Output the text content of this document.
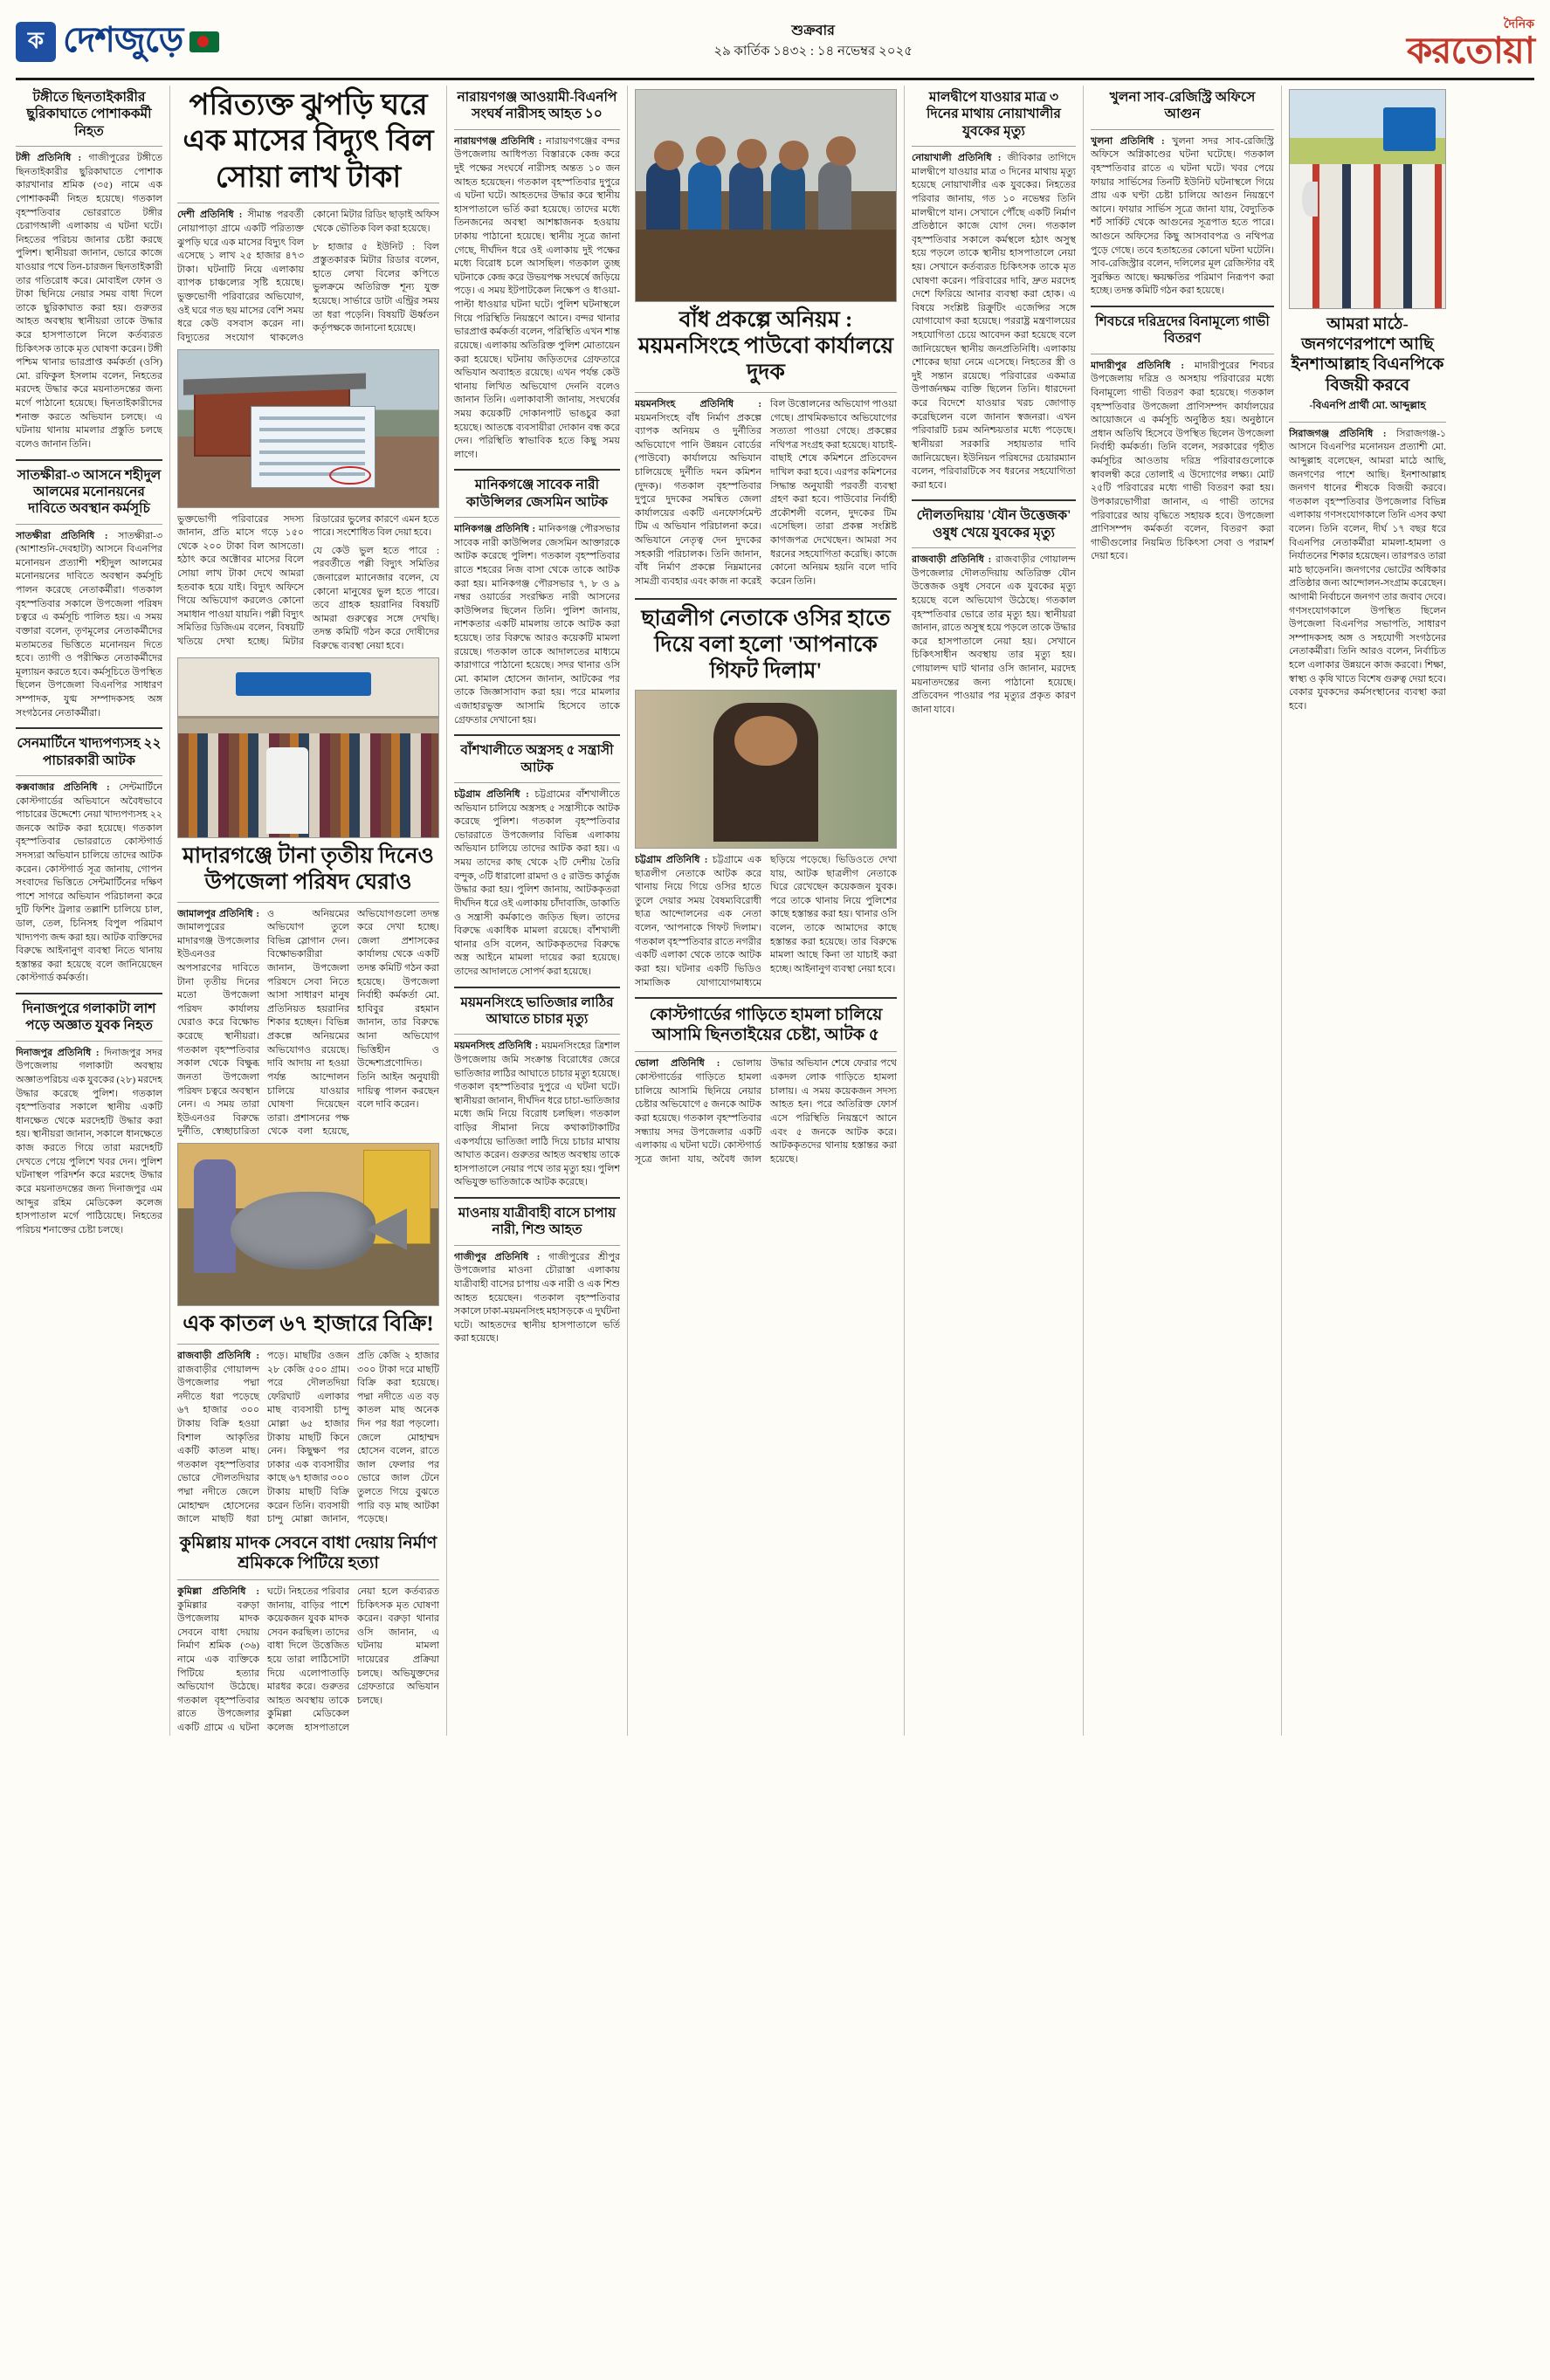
ক দেশজুড়ে	শুক্রবার
২৯ কার্তিক ১৪৩২ : ১৪ নভেম্বর ২০২৫
দৈনিক
করতোয়া
টঙ্গীতে ছিনতাইকারীর ছুরিকাঘাতে পোশাককর্মী নিহত

টঙ্গী প্রতিনিধি : গাজীপুরের টঙ্গীতে ছিনতাইকারীর ছুরিকাঘাতে পোশাক কারখানার শ্রমিক (৩৫) নামে এক পোশাককর্মী নিহত হয়েছে। গতকাল বৃহস্পতিবার ভোররাতে টঙ্গীর চেরাগআলী এলাকায় এ ঘটনা ঘটে। নিহতের পরিচয় জানার চেষ্টা করছে পুলিশ। স্থানীয়রা জানান, ভোরে কাজে যাওয়ার পথে তিন-চারজন ছিনতাইকারী তার গতিরোধ করে। মোবাইল ফোন ও টাকা ছিনিয়ে নেয়ার সময় বাধা দিলে তাকে ছুরিকাঘাত করা হয়। গুরুতর আহত অবস্থায় স্থানীয়রা তাকে উদ্ধার করে হাসপাতালে নিলে কর্তব্যরত চিকিৎসক তাকে মৃত ঘোষণা করেন। টঙ্গী পশ্চিম থানার ভারপ্রাপ্ত কর্মকর্তা (ওসি) মো. রফিকুল ইসলাম বলেন, নিহতের মরদেহ উদ্ধার করে ময়নাতদন্তের জন্য মর্গে পাঠানো হয়েছে। ছিনতাইকারীদের শনাক্ত করতে অভিযান চলছে। এ ঘটনায় থানায় মামলার প্রস্তুতি চলছে বলেও জানান তিনি।

সাতক্ষীরা-৩ আসনে শহীদুল আলমের মনোনয়নের দাবিতে অবস্থান কর্মসূচি

সাতক্ষীরা প্রতিনিধি : সাতক্ষীরা-৩ (আশাশুনি-দেবহাটা) আসনে বিএনপির মনোনয়ন প্রত্যাশী শহীদুল আলমের মনোনয়নের দাবিতে অবস্থান কর্মসূচি পালন করেছে নেতাকর্মীরা। গতকাল বৃহস্পতিবার সকালে উপজেলা পরিষদ চত্বরে এ কর্মসূচি পালিত হয়। এ সময় বক্তারা বলেন, তৃণমূলের নেতাকর্মীদের মতামতের ভিত্তিতে মনোনয়ন দিতে হবে। ত্যাগী ও পরীক্ষিত নেতাকর্মীদের মূল্যায়ন করতে হবে। কর্মসূচিতে উপস্থিত ছিলেন উপজেলা বিএনপির সাধারণ সম্পাদক, যুগ্ম সম্পাদকসহ অঙ্গ সংগঠনের নেতাকর্মীরা।

সেনমার্টিনে খাদ্যপণ্যসহ ২২ পাচারকারী আটক

কক্সবাজার প্রতিনিধি : সেন্টমার্টিনে কোস্টগার্ডের অভিযানে অবৈধভাবে পাচারের উদ্দেশ্যে নেয়া খাদ্যপণ্যসহ ২২ জনকে আটক করা হয়েছে। গতকাল বৃহস্পতিবার ভোররাতে কোস্টগার্ড সদস্যরা অভিযান চালিয়ে তাদের আটক করেন। কোস্টগার্ড সূত্র জানায়, গোপন সংবাদের ভিত্তিতে সেন্টমার্টিনের দক্ষিণ পাশে সাগরে অভিযান পরিচালনা করে দুটি ফিশিং ট্রলার তল্লাশি চালিয়ে চাল, ডাল, তেল, চিনিসহ বিপুল পরিমাণ খাদ্যপণ্য জব্দ করা হয়। আটক ব্যক্তিদের বিরুদ্ধে আইনানুগ ব্যবস্থা নিতে থানায় হস্তান্তর করা হয়েছে বলে জানিয়েছেন কোস্টগার্ড কর্মকর্তা।

দিনাজপুরে গলাকাটা লাশ পড়ে অজ্ঞাত যুবক নিহত

দিনাজপুর প্রতিনিধি : দিনাজপুর সদর উপজেলায় গলাকাটা অবস্থায় অজ্ঞাতপরিচয় এক যুবকের (২৮) মরদেহ উদ্ধার করেছে পুলিশ। গতকাল বৃহস্পতিবার সকালে স্থানীয় একটি ধানক্ষেত থেকে মরদেহটি উদ্ধার করা হয়। স্থানীয়রা জানান, সকালে ধানক্ষেতে কাজ করতে গিয়ে তারা মরদেহটি দেখতে পেয়ে পুলিশে খবর দেন। পুলিশ ঘটনাস্থল পরিদর্শন করে মরদেহ উদ্ধার করে ময়নাতদন্তের জন্য দিনাজপুর এম আব্দুর রহিম মেডিকেল কলেজ হাসপাতাল মর্গে পাঠিয়েছে। নিহতের পরিচয় শনাক্তের চেষ্টা চলছে।

পরিত্যক্ত ঝুপড়ি ঘরে এক মাসের বিদ্যুৎ বিল সোয়া লাখ টাকা

দেশী প্রতিনিধি : সীমান্ত পরবর্তী নোয়াপাড়া গ্রামে একটি পরিত্যক্ত ঝুপড়ি ঘরে এক মাসের বিদ্যুৎ বিল এসেছে ১ লাখ ২৫ হাজার ৪৭৩ টাকা। ঘটনাটি নিয়ে এলাকায় ব্যাপক চাঞ্চল্যের সৃষ্টি হয়েছে। ভুক্তভোগী পরিবারের অভিযোগ, ওই ঘরে গত ছয় মাসের বেশি সময় ধরে কেউ বসবাস করেন না। বিদ্যুতের সংযোগ থাকলেও কোনো মিটার রিডিং ছাড়াই অফিস থেকে ভৌতিক বিল করা হয়েছে।

৮ হাজার ৫ ইউনিট : বিল প্রস্তুতকারক মিটার রিডার বলেন, হাতে লেখা বিলের কপিতে ভুলক্রমে অতিরিক্ত শূন্য যুক্ত হয়েছে। সার্ভারে ডাটা এন্ট্রির সময় তা ধরা পড়েনি। বিষয়টি ঊর্ধ্বতন কর্তৃপক্ষকে জানানো হয়েছে।

ভুক্তভোগী পরিবারের সদস্য জানান, প্রতি মাসে গড়ে ১৫০ থেকে ২০০ টাকা বিল আসতো। হঠাৎ করে অক্টোবর মাসের বিলে সোয়া লাখ টাকা দেখে আমরা হতবাক হয়ে যাই। বিদ্যুৎ অফিসে গিয়ে অভিযোগ করলেও কোনো সমাধান পাওয়া যায়নি। পল্লী বিদ্যুৎ সমিতির ডিজিএম বলেন, বিষয়টি খতিয়ে দেখা হচ্ছে। মিটার রিডারের ভুলের কারণে এমন হতে পারে। সংশোধিত বিল দেয়া হবে।

যে কেউ ভুল হতে পারে : পরবর্তীতে পল্লী বিদ্যুৎ সমিতির জেনারেল ম্যানেজার বলেন, যে কোনো মানুষের ভুল হতে পারে। তবে গ্রাহক হয়রানির বিষয়টি আমরা গুরুত্বের সঙ্গে দেখছি। তদন্ত কমিটি গঠন করে দোষীদের বিরুদ্ধে ব্যবস্থা নেয়া হবে।

মাদারগঞ্জে টানা তৃতীয় দিনেও উপজেলা পরিষদ ঘেরাও

জামালপুর প্রতিনিধি : জামালপুরের মাদারগঞ্জ উপজেলার ইউএনওর অপসারণের দাবিতে টানা তৃতীয় দিনের মতো উপজেলা পরিষদ কার্যালয় ঘেরাও করে বিক্ষোভ করেছে স্থানীয়রা। গতকাল বৃহস্পতিবার সকাল থেকে বিক্ষুব্ধ জনতা উপজেলা পরিষদ চত্বরে অবস্থান নেন। এ সময় তারা ইউএনওর বিরুদ্ধে দুর্নীতি, স্বেচ্ছাচারিতা ও অনিয়মের অভিযোগ তুলে বিভিন্ন স্লোগান দেন। বিক্ষোভকারীরা জানান, উপজেলা পরিষদে সেবা নিতে আসা সাধারণ মানুষ প্রতিনিয়ত হয়রানির শিকার হচ্ছেন। বিভিন্ন প্রকল্পে অনিয়মের অভিযোগও রয়েছে। দাবি আদায় না হওয়া পর্যন্ত আন্দোলন চালিয়ে যাওয়ার ঘোষণা দিয়েছেন তারা। প্রশাসনের পক্ষ থেকে বলা হয়েছে, অভিযোগগুলো তদন্ত করে দেখা হচ্ছে। জেলা প্রশাসকের কার্যালয় থেকে একটি তদন্ত কমিটি গঠন করা হয়েছে। উপজেলা নির্বাহী কর্মকর্তা মো. হাবিবুর রহমান জানান, তার বিরুদ্ধে আনা অভিযোগ ভিত্তিহীন ও উদ্দেশ্যপ্রণোদিত। তিনি আইন অনুযায়ী দায়িত্ব পালন করছেন বলে দাবি করেন।

এক কাতল ৬৭ হাজারে বিক্রি!

রাজবাড়ী প্রতিনিধি : রাজবাড়ীর গোয়ালন্দ উপজেলার পদ্মা নদীতে ধরা পড়েছে ৬৭ হাজার ৩০০ টাকায় বিক্রি হওয়া বিশাল আকৃতির একটি কাতল মাছ। গতকাল বৃহস্পতিবার ভোরে দৌলতদিয়ার পদ্মা নদীতে জেলে মোহাম্মদ হোসেনের জালে মাছটি ধরা পড়ে। মাছটির ওজন ২৮ কেজি ৫০০ গ্রাম। পরে দৌলতদিয়া ফেরিঘাট এলাকার মাছ ব্যবসায়ী চান্দু মোল্লা ৬৫ হাজার টাকায় মাছটি কিনে নেন। কিছুক্ষণ পর ঢাকার এক ব্যবসায়ীর কাছে ৬৭ হাজার ৩০০ টাকায় মাছটি বিক্রি করেন তিনি। ব্যবসায়ী চান্দু মোল্লা জানান, প্রতি কেজি ২ হাজার ৩০০ টাকা দরে মাছটি বিক্রি করা হয়েছে। পদ্মা নদীতে এত বড় কাতল মাছ অনেক দিন পর ধরা পড়লো। জেলে মোহাম্মদ হোসেন বলেন, রাতে জাল ফেলার পর ভোরে জাল টেনে তুলতে গিয়ে বুঝতে পারি বড় মাছ আটকা পড়েছে।

কুমিল্লায় মাদক সেবনে বাধা দেয়ায় নির্মাণ শ্রমিককে পিটিয়ে হত্যা

কুমিল্লা প্রতিনিধি : কুমিল্লার বরুড়া উপজেলায় মাদক সেবনে বাধা দেয়ায় নির্মাণ শ্রমিক (৩৬) নামে এক ব্যক্তিকে পিটিয়ে হত্যার অভিযোগ উঠেছে। গতকাল বৃহস্পতিবার রাতে উপজেলার একটি গ্রামে এ ঘটনা ঘটে। নিহতের পরিবার জানায়, বাড়ির পাশে কয়েকজন যুবক মাদক সেবন করছিল। তাদের বাধা দিলে উত্তেজিত হয়ে তারা লাঠিসোটা দিয়ে এলোপাতাড়ি মারধর করে। গুরুতর আহত অবস্থায় তাকে কুমিল্লা মেডিকেল কলেজ হাসপাতালে নেয়া হলে কর্তব্যরত চিকিৎসক মৃত ঘোষণা করেন। বরুড়া থানার ওসি জানান, এ ঘটনায় মামলা দায়েরের প্রক্রিয়া চলছে। অভিযুক্তদের গ্রেফতারে অভিযান চলছে।

নারায়ণগঞ্জ আওয়ামী-বিএনপি সংঘর্ষ নারীসহ আহত ১০

নারায়ণগঞ্জ প্রতিনিধি : নারায়ণগঞ্জের বন্দর উপজেলায় আধিপত্য বিস্তারকে কেন্দ্র করে দুই পক্ষের সংঘর্ষে নারীসহ অন্তত ১০ জন আহত হয়েছেন। গতকাল বৃহস্পতিবার দুপুরে এ ঘটনা ঘটে। আহতদের উদ্ধার করে স্থানীয় হাসপাতালে ভর্তি করা হয়েছে। তাদের মধ্যে তিনজনের অবস্থা আশঙ্কাজনক হওয়ায় ঢাকায় পাঠানো হয়েছে। স্থানীয় সূত্রে জানা গেছে, দীর্ঘদিন ধরে ওই এলাকায় দুই পক্ষের মধ্যে বিরোধ চলে আসছিল। গতকাল তুচ্ছ ঘটনাকে কেন্দ্র করে উভয়পক্ষ সংঘর্ষে জড়িয়ে পড়ে। এ সময় ইটপাটকেল নিক্ষেপ ও ধাওয়া-পাল্টা ধাওয়ার ঘটনা ঘটে। পুলিশ ঘটনাস্থলে গিয়ে পরিস্থিতি নিয়ন্ত্রণে আনে। বন্দর থানার ভারপ্রাপ্ত কর্মকর্তা বলেন, পরিস্থিতি এখন শান্ত রয়েছে। এলাকায় অতিরিক্ত পুলিশ মোতায়েন করা হয়েছে। ঘটনায় জড়িতদের গ্রেফতারে অভিযান অব্যাহত রয়েছে। এখন পর্যন্ত কেউ থানায় লিখিত অভিযোগ দেননি বলেও জানান তিনি। এলাকাবাসী জানায়, সংঘর্ষের সময় কয়েকটি দোকানপাট ভাঙচুর করা হয়েছে। আতঙ্কে ব্যবসায়ীরা দোকান বন্ধ করে দেন। পরিস্থিতি স্বাভাবিক হতে কিছু সময় লাগে।

মানিকগঞ্জে সাবেক নারী কাউন্সিলর জেসমিন আটক

মানিকগঞ্জ প্রতিনিধি : মানিকগঞ্জ পৌরসভার সাবেক নারী কাউন্সিলর জেসমিন আক্তারকে আটক করেছে পুলিশ। গতকাল বৃহস্পতিবার রাতে শহরের নিজ বাসা থেকে তাকে আটক করা হয়। মানিকগঞ্জ পৌরসভার ৭, ৮ ও ৯ নম্বর ওয়ার্ডের সংরক্ষিত নারী আসনের কাউন্সিলর ছিলেন তিনি। পুলিশ জানায়, নাশকতার একটি মামলায় তাকে আটক করা হয়েছে। তার বিরুদ্ধে আরও কয়েকটি মামলা রয়েছে। গতকাল তাকে আদালতের মাধ্যমে কারাগারে পাঠানো হয়েছে। সদর থানার ওসি মো. কামাল হোসেন জানান, আটকের পর তাকে জিজ্ঞাসাবাদ করা হয়। পরে মামলার এজাহারভুক্ত আসামি হিসেবে তাকে গ্রেফতার দেখানো হয়।

বাঁশখালীতে অস্ত্রসহ ৫ সন্ত্রাসী আটক

চট্টগ্রাম প্রতিনিধি : চট্টগ্রামের বাঁশখালীতে অভিযান চালিয়ে অস্ত্রসহ ৫ সন্ত্রাসীকে আটক করেছে পুলিশ। গতকাল বৃহস্পতিবার ভোররাতে উপজেলার বিভিন্ন এলাকায় অভিযান চালিয়ে তাদের আটক করা হয়। এ সময় তাদের কাছ থেকে ২টি দেশীয় তৈরি বন্দুক, ৩টি ধারালো রামদা ও ৫ রাউন্ড কার্তুজ উদ্ধার করা হয়। পুলিশ জানায়, আটককৃতরা দীর্ঘদিন ধরে ওই এলাকায় চাঁদাবাজি, ডাকাতি ও সন্ত্রাসী কর্মকাণ্ডে জড়িত ছিল। তাদের বিরুদ্ধে একাধিক মামলা রয়েছে। বাঁশখালী থানার ওসি বলেন, আটককৃতদের বিরুদ্ধে অস্ত্র আইনে মামলা দায়ের করা হয়েছে। তাদের আদালতে সোপর্দ করা হয়েছে।

ময়মনসিংহে ভাতিজার লাঠির আঘাতে চাচার মৃত্যু

ময়মনসিংহ প্রতিনিধি : ময়মনসিংহের ত্রিশাল উপজেলায় জমি সংক্রান্ত বিরোধের জেরে ভাতিজার লাঠির আঘাতে চাচার মৃত্যু হয়েছে। গতকাল বৃহস্পতিবার দুপুরে এ ঘটনা ঘটে। স্থানীয়রা জানান, দীর্ঘদিন ধরে চাচা-ভাতিজার মধ্যে জমি নিয়ে বিরোধ চলছিল। গতকাল বাড়ির সীমানা নিয়ে কথাকাটাকাটির একপর্যায়ে ভাতিজা লাঠি দিয়ে চাচার মাথায় আঘাত করেন। গুরুতর আহত অবস্থায় তাকে হাসপাতালে নেয়ার পথে তার মৃত্যু হয়। পুলিশ অভিযুক্ত ভাতিজাকে আটক করেছে।

মাওনায় যাত্রীবাহী বাসে চাপায় নারী, শিশু আহত

গাজীপুর প্রতিনিধি : গাজীপুরের শ্রীপুর উপজেলার মাওনা চৌরাস্তা এলাকায় যাত্রীবাহী বাসের চাপায় এক নারী ও এক শিশু আহত হয়েছেন। গতকাল বৃহস্পতিবার সকালে ঢাকা-ময়মনসিংহ মহাসড়কে এ দুর্ঘটনা ঘটে। আহতদের স্থানীয় হাসপাতালে ভর্তি করা হয়েছে।

বাঁধ প্রকল্পে অনিয়ম : ময়মনসিংহে পাউবো কার্যালয়ে দুদক

ময়মনসিংহ প্রতিনিধি : ময়মনসিংহে বাঁধ নির্মাণ প্রকল্পে ব্যাপক অনিয়ম ও দুর্নীতির অভিযোগে পানি উন্নয়ন বোর্ডের (পাউবো) কার্যালয়ে অভিযান চালিয়েছে দুর্নীতি দমন কমিশন (দুদক)। গতকাল বৃহস্পতিবার দুপুরে দুদকের সমন্বিত জেলা কার্যালয়ের একটি এনফোর্সমেন্ট টিম এ অভিযান পরিচালনা করে। অভিযানে নেতৃত্ব দেন দুদকের সহকারী পরিচালক। তিনি জানান, বাঁধ নির্মাণ প্রকল্পে নিম্নমানের সামগ্রী ব্যবহার এবং কাজ না করেই বিল উত্তোলনের অভিযোগ পাওয়া গেছে। প্রাথমিকভাবে অভিযোগের সত্যতা পাওয়া গেছে। প্রকল্পের নথিপত্র সংগ্রহ করা হয়েছে। যাচাই-বাছাই শেষে কমিশনে প্রতিবেদন দাখিল করা হবে। এরপর কমিশনের সিদ্ধান্ত অনুযায়ী পরবর্তী ব্যবস্থা গ্রহণ করা হবে। পাউবোর নির্বাহী প্রকৌশলী বলেন, দুদকের টিম এসেছিল। তারা প্রকল্প সংশ্লিষ্ট কাগজপত্র দেখেছেন। আমরা সব ধরনের সহযোগিতা করেছি। কাজে কোনো অনিয়ম হয়নি বলে দাবি করেন তিনি।

ছাত্রলীগ নেতাকে ওসির হাতে দিয়ে বলা হলো 'আপনাকে গিফট দিলাম'

চট্টগ্রাম প্রতিনিধি : চট্টগ্রামে এক ছাত্রলীগ নেতাকে আটক করে থানায় নিয়ে গিয়ে ওসির হাতে তুলে দেয়ার সময় বৈষম্যবিরোধী ছাত্র আন্দোলনের এক নেতা বলেন, 'আপনাকে গিফট দিলাম'। গতকাল বৃহস্পতিবার রাতে নগরীর একটি এলাকা থেকে তাকে আটক করা হয়। ঘটনার একটি ভিডিও সামাজিক যোগাযোগমাধ্যমে ছড়িয়ে পড়েছে। ভিডিওতে দেখা যায়, আটক ছাত্রলীগ নেতাকে ঘিরে রেখেছেন কয়েকজন যুবক। পরে তাকে থানায় নিয়ে পুলিশের কাছে হস্তান্তর করা হয়। থানার ওসি বলেন, তাকে আমাদের কাছে হস্তান্তর করা হয়েছে। তার বিরুদ্ধে মামলা আছে কিনা তা যাচাই করা হচ্ছে। আইনানুগ ব্যবস্থা নেয়া হবে।

কোস্টগার্ডের গাড়িতে হামলা চালিয়ে আসামি ছিনতাইয়ের চেষ্টা, আটক ৫

ভোলা প্রতিনিধি : ভোলায় কোস্টগার্ডের গাড়িতে হামলা চালিয়ে আসামি ছিনিয়ে নেয়ার চেষ্টার অভিযোগে ৫ জনকে আটক করা হয়েছে। গতকাল বৃহস্পতিবার সন্ধ্যায় সদর উপজেলার একটি এলাকায় এ ঘটনা ঘটে। কোস্টগার্ড সূত্রে জানা যায়, অবৈধ জাল উদ্ধার অভিযান শেষে ফেরার পথে একদল লোক গাড়িতে হামলা চালায়। এ সময় কয়েকজন সদস্য আহত হন। পরে অতিরিক্ত ফোর্স এসে পরিস্থিতি নিয়ন্ত্রণে আনে এবং ৫ জনকে আটক করে। আটককৃতদের থানায় হস্তান্তর করা হয়েছে।

মালদ্বীপে যাওয়ার মাত্র ৩ দিনের মাথায় নোয়াখালীর যুবকের মৃত্যু

নোয়াখালী প্রতিনিধি : জীবিকার তাগিদে মালদ্বীপে যাওয়ার মাত্র ৩ দিনের মাথায় মৃত্যু হয়েছে নোয়াখালীর এক যুবকের। নিহতের পরিবার জানায়, গত ১০ নভেম্বর তিনি মালদ্বীপে যান। সেখানে পৌঁছে একটি নির্মাণ প্রতিষ্ঠানে কাজে যোগ দেন। গতকাল বৃহস্পতিবার সকালে কর্মস্থলে হঠাৎ অসুস্থ হয়ে পড়লে তাকে স্থানীয় হাসপাতালে নেয়া হয়। সেখানে কর্তব্যরত চিকিৎসক তাকে মৃত ঘোষণা করেন। পরিবারের দাবি, দ্রুত মরদেহ দেশে ফিরিয়ে আনার ব্যবস্থা করা হোক। এ বিষয়ে সংশ্লিষ্ট রিক্রুটিং এজেন্সির সঙ্গে যোগাযোগ করা হয়েছে। পররাষ্ট্র মন্ত্রণালয়ের সহযোগিতা চেয়ে আবেদন করা হয়েছে বলে জানিয়েছেন স্থানীয় জনপ্রতিনিধি। এলাকায় শোকের ছায়া নেমে এসেছে। নিহতের স্ত্রী ও দুই সন্তান রয়েছে। পরিবারের একমাত্র উপার্জনক্ষম ব্যক্তি ছিলেন তিনি। ধারদেনা করে বিদেশে যাওয়ার খরচ জোগাড় করেছিলেন বলে জানান স্বজনরা। এখন পরিবারটি চরম অনিশ্চয়তার মধ্যে পড়েছে। স্থানীয়রা সরকারি সহায়তার দাবি জানিয়েছেন। ইউনিয়ন পরিষদের চেয়ারম্যান বলেন, পরিবারটিকে সব ধরনের সহযোগিতা করা হবে।

দৌলতদিয়ায় 'যৌন উত্তেজক' ওষুধ খেয়ে যুবকের মৃত্যু

রাজবাড়ী প্রতিনিধি : রাজবাড়ীর গোয়ালন্দ উপজেলার দৌলতদিয়ায় অতিরিক্ত যৌন উত্তেজক ওষুধ সেবনে এক যুবকের মৃত্যু হয়েছে বলে অভিযোগ উঠেছে। গতকাল বৃহস্পতিবার ভোরে তার মৃত্যু হয়। স্থানীয়রা জানান, রাতে অসুস্থ হয়ে পড়লে তাকে উদ্ধার করে হাসপাতালে নেয়া হয়। সেখানে চিকিৎসাধীন অবস্থায় তার মৃত্যু হয়। গোয়ালন্দ ঘাট থানার ওসি জানান, মরদেহ ময়নাতদন্তের জন্য পাঠানো হয়েছে। প্রতিবেদন পাওয়ার পর মৃত্যুর প্রকৃত কারণ জানা যাবে।

খুলনা সাব-রেজিস্ট্রি অফিসে আগুন

খুলনা প্রতিনিধি : খুলনা সদর সাব-রেজিস্ট্রি অফিসে অগ্নিকাণ্ডের ঘটনা ঘটেছে। গতকাল বৃহস্পতিবার রাতে এ ঘটনা ঘটে। খবর পেয়ে ফায়ার সার্ভিসের তিনটি ইউনিট ঘটনাস্থলে গিয়ে প্রায় এক ঘণ্টা চেষ্টা চালিয়ে আগুন নিয়ন্ত্রণে আনে। ফায়ার সার্ভিস সূত্রে জানা যায়, বৈদ্যুতিক শর্ট সার্কিট থেকে আগুনের সূত্রপাত হতে পারে। আগুনে অফিসের কিছু আসবাবপত্র ও নথিপত্র পুড়ে গেছে। তবে হতাহতের কোনো ঘটনা ঘটেনি। সাব-রেজিস্ট্রার বলেন, দলিলের মূল রেজিস্টার বই সুরক্ষিত আছে। ক্ষয়ক্ষতির পরিমাণ নিরূপণ করা হচ্ছে। তদন্ত কমিটি গঠন করা হয়েছে।

শিবচরে দরিদ্রদের বিনামূল্যে গাভী বিতরণ

মাদারীপুর প্রতিনিধি : মাদারীপুরের শিবচর উপজেলায় দরিদ্র ও অসহায় পরিবারের মধ্যে বিনামূল্যে গাভী বিতরণ করা হয়েছে। গতকাল বৃহস্পতিবার উপজেলা প্রাণিসম্পদ কার্যালয়ের আয়োজনে এ কর্মসূচি অনুষ্ঠিত হয়। অনুষ্ঠানে প্রধান অতিথি হিসেবে উপস্থিত ছিলেন উপজেলা নির্বাহী কর্মকর্তা। তিনি বলেন, সরকারের গৃহীত কর্মসূচির আওতায় দরিদ্র পরিবারগুলোকে স্বাবলম্বী করে তোলাই এ উদ্যোগের লক্ষ্য। মোট ২৫টি পরিবারের মধ্যে গাভী বিতরণ করা হয়। উপকারভোগীরা জানান, এ গাভী তাদের পরিবারের আয় বৃদ্ধিতে সহায়ক হবে। উপজেলা প্রাণিসম্পদ কর্মকর্তা বলেন, বিতরণ করা গাভীগুলোর নিয়মিত চিকিৎসা সেবা ও পরামর্শ দেয়া হবে।

আমরা মাঠে-জনগণেরপাশে আছি ইনশাআল্লাহ বিএনপিকে বিজয়ী করবে
-বিএনপি প্রার্থী মো. আব্দুল্লাহ

সিরাজগঞ্জ প্রতিনিধি : সিরাজগঞ্জ-১ আসনে বিএনপির মনোনয়ন প্রত্যাশী মো. আব্দুল্লাহ বলেছেন, আমরা মাঠে আছি, জনগণের পাশে আছি। ইনশাআল্লাহ জনগণ ধানের শীষকে বিজয়ী করবে। গতকাল বৃহস্পতিবার উপজেলার বিভিন্ন এলাকায় গণসংযোগকালে তিনি এসব কথা বলেন। তিনি বলেন, দীর্ঘ ১৭ বছর ধরে বিএনপির নেতাকর্মীরা মামলা-হামলা ও নির্যাতনের শিকার হয়েছেন। তারপরও তারা মাঠ ছাড়েননি। জনগণের ভোটের অধিকার প্রতিষ্ঠার জন্য আন্দোলন-সংগ্রাম করেছেন। আগামী নির্বাচনে জনগণ তার জবাব দেবে। গণসংযোগকালে উপস্থিত ছিলেন উপজেলা বিএনপির সভাপতি, সাধারণ সম্পাদকসহ অঙ্গ ও সহযোগী সংগঠনের নেতাকর্মীরা। তিনি আরও বলেন, নির্বাচিত হলে এলাকার উন্নয়নে কাজ করবো। শিক্ষা, স্বাস্থ্য ও কৃষি খাতে বিশেষ গুরুত্ব দেয়া হবে। বেকার যুবকদের কর্মসংস্থানের ব্যবস্থা করা হবে।
